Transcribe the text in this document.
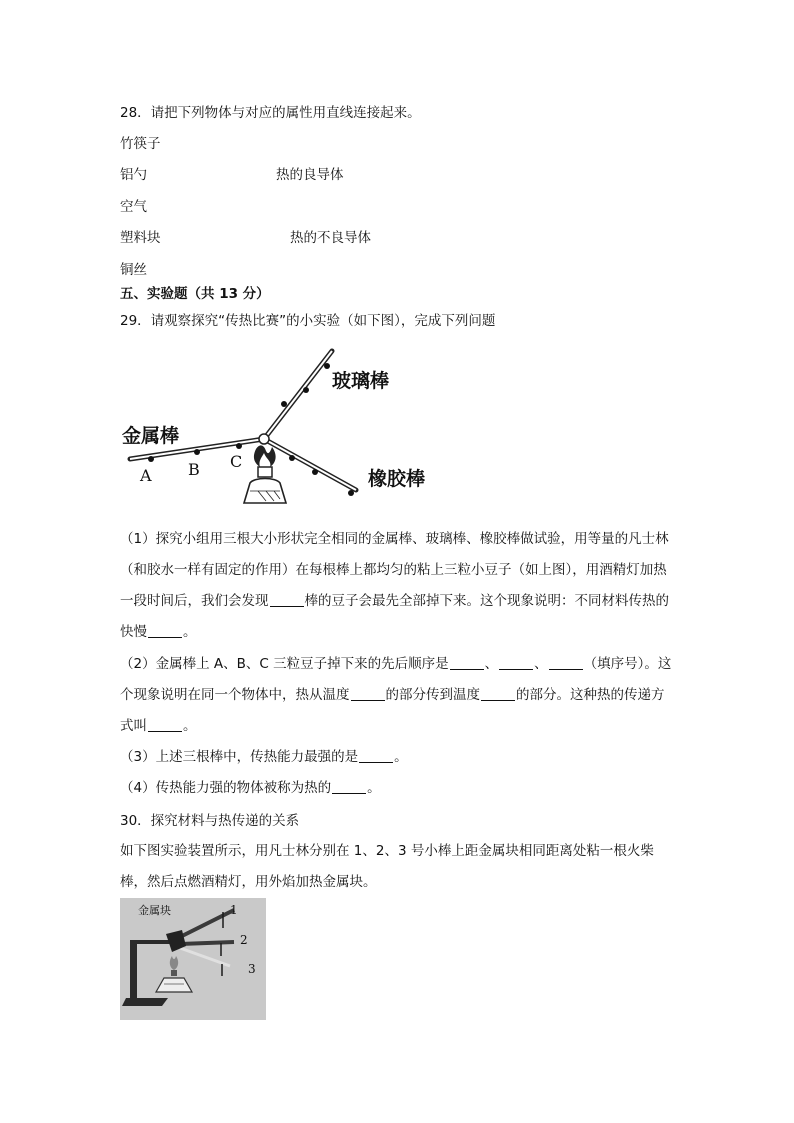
28．请把下列物体与对应的属性用直线连接起来。
竹筷子
铝勺	热的良导体
空气
塑料块	热的不良导体
铜丝
五、实验题（共 13 分）
29．请观察探究“传热比赛”的小实验（如下图），完成下列问题
金属棒
玻璃棒
橡胶棒
A B C
（1）探究小组用三根大小形状完全相同的金属棒、玻璃棒、橡胶棒做试验，用等量的凡士林（和胶水一样有固定的作用）在每根棒上都均匀的粘上三粒小豆子（如上图），用酒精灯加热一段时间后，我们会发现	棒的豆子会最先全部掉下来。这个现象说明：不同材料传热的快慢	。
（2）金属棒上 A、B、C 三粒豆子掉下来的先后顺序是	、	、	（填序号）。这个现象说明在同一个物体中，热从温度	的部分传到温度	的部分。这种热的传递方式叫	。
（3）上述三根棒中，传热能力最强的是	。
（4）传热能力强的物体被称为热的	。
30．探究材料与热传递的关系
如下图实验装置所示，用凡士林分别在 1、2、3 号小棒上距金属块相同距离处粘一根火柴棒，然后点燃酒精灯，用外焰加热金属块。
金属块	1
2
3
